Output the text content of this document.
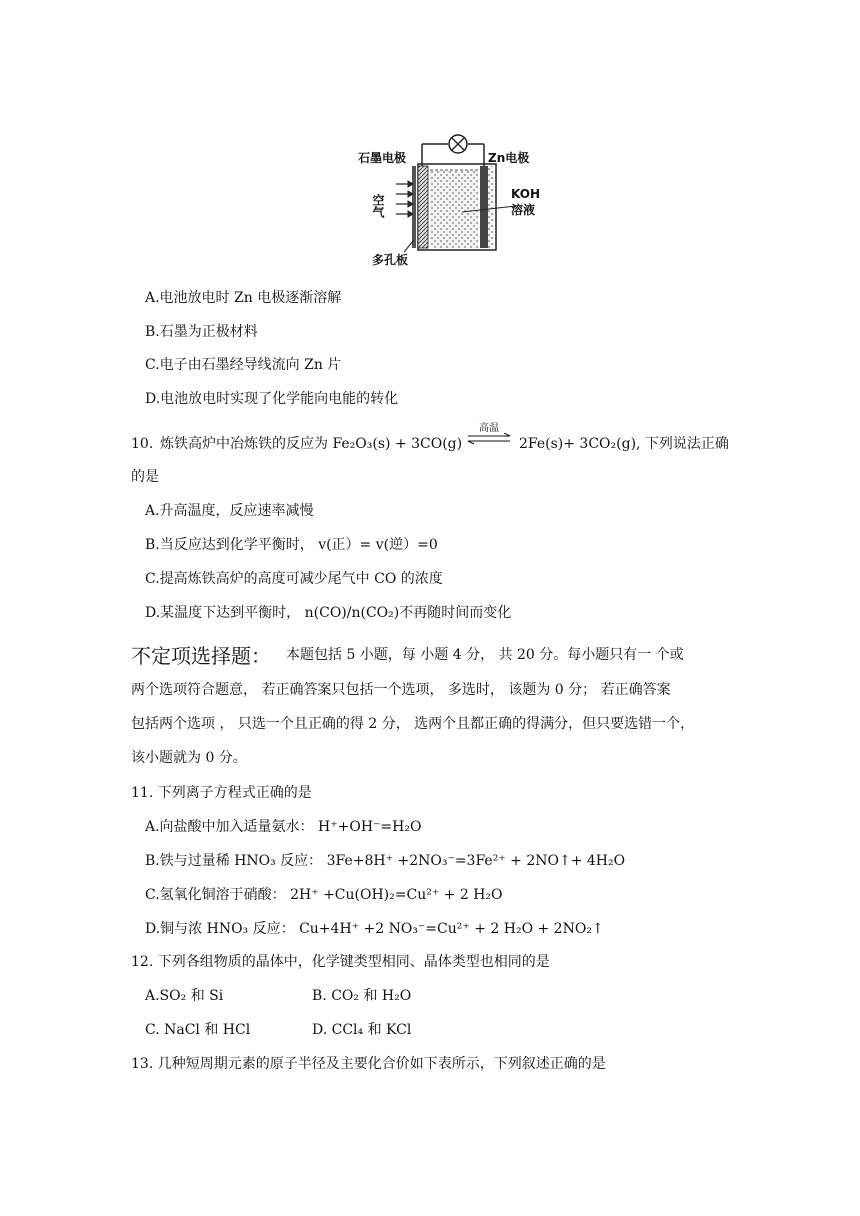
石墨电极	Zn电极
空气	KOH
溶液
多孔板
A.电池放电时 Zn 电极逐渐溶解
B.石墨为正极材料
C.电子由石墨经导线流向 Zn 片
D.电池放电时实现了化学能向电能的转化
10. 炼铁高炉中冶炼铁的反应为 Fe₂O₃(s) + 3CO(g)
高温
⇌ 2Fe(s)+ 3CO₂(g), 下列说法正确
的是
A.升高温度，反应速率减慢
B.当反应达到化学平衡时， v(正）= v(逆）=0
C.提高炼铁高炉的高度可减少尾气中 CO 的浓度
D.某温度下达到平衡时， n(CO)/n(CO₂)不再随时间而变化
不定项选择题： 本题包括 5 小题，每 小题 4 分， 共 20 分。每小题只有一 个或
两个选项符合题意， 若正确答案只包括一个选项， 多选时， 该题为 0 分； 若正确答案
包括两个选项 ， 只选一个且正确的得 2 分， 选两个且都正确的得满分，但只要选错一个，
该小题就为 0 分。
11. 下列离子方程式正确的是
A.向盐酸中加入适量氨水： H⁺+OH⁻=H₂O
B.铁与过量稀 HNO₃ 反应： 3Fe+8H⁺ +2NO₃⁻=3Fe²⁺ + 2NO↑+ 4H₂O
C.氢氧化铜溶于硝酸： 2H⁺ +Cu(OH)₂=Cu²⁺ + 2 H₂O
D.铜与浓 HNO₃ 反应： Cu+4H⁺ +2 NO₃⁻=Cu²⁺ + 2 H₂O + 2NO₂↑
12. 下列各组物质的晶体中，化学键类型相同、晶体类型也相同的是
A.SO₂ 和 Si	B. CO₂ 和 H₂O
C. NaCl 和 HCl	D. CCl₄ 和 KCl
13. 几种短周期元素的原子半径及主要化合价如下表所示，下列叙述正确的是
